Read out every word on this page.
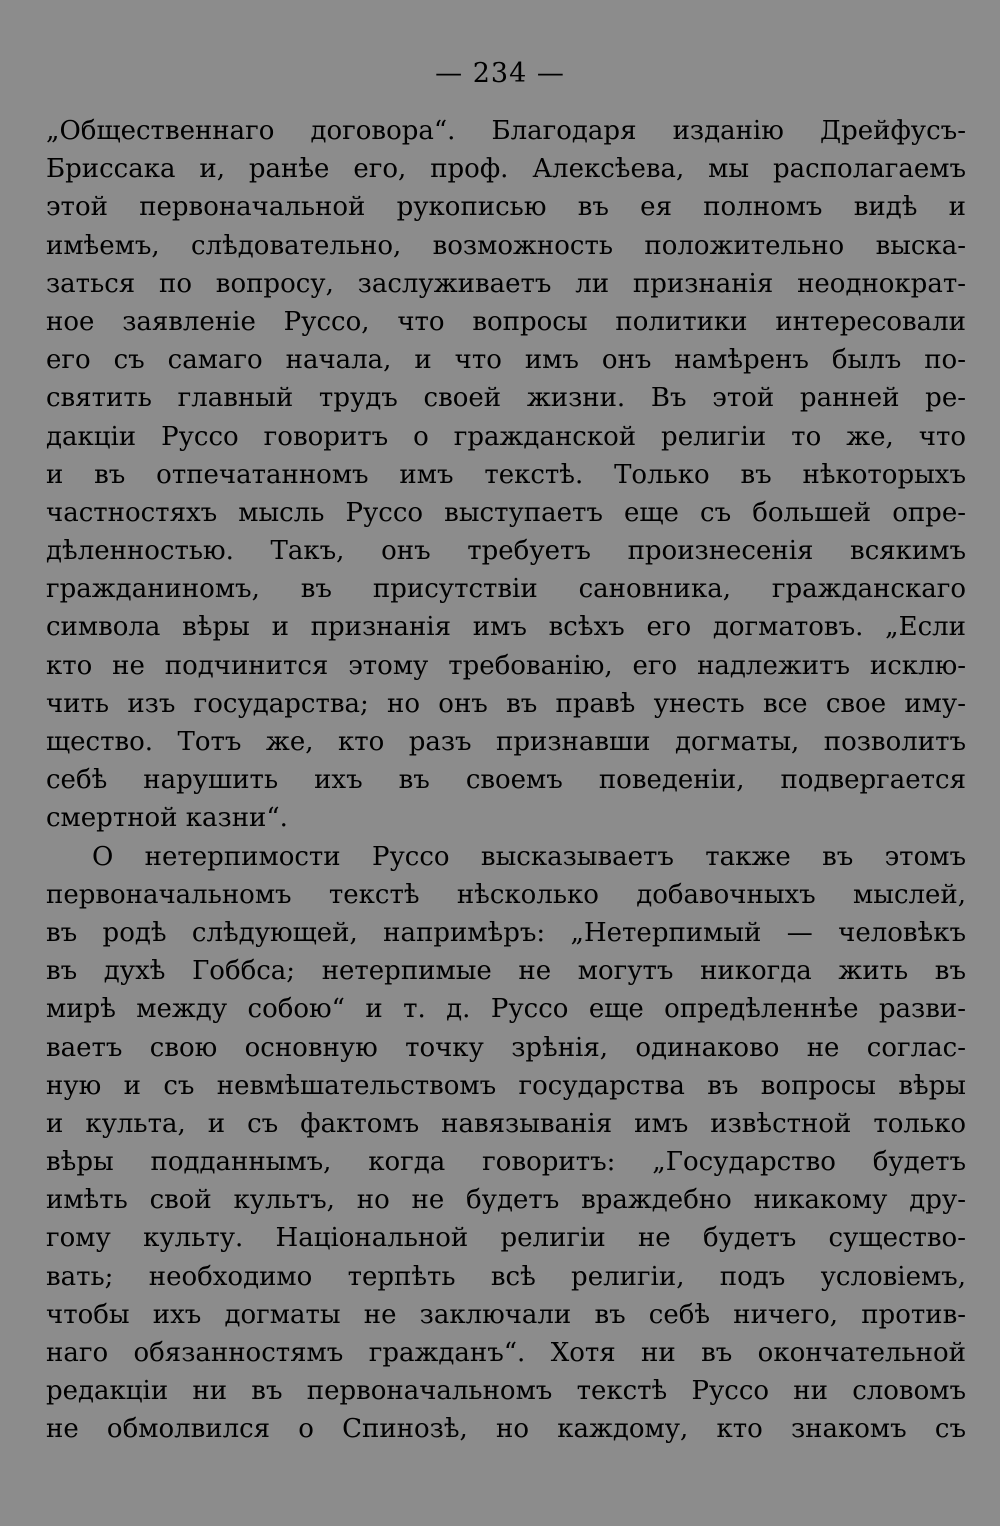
— 234 —
„Общественнаго договора“. Благодаря изданію Дрейфусъ-
Бриссака и, ранѣе его, проф. Алексѣева, мы располагаемъ
этой первоначальной рукописью въ ея полномъ видѣ и
имѣемъ, слѣдовательно, возможность положительно выска-
заться по вопросу, заслуживаетъ ли признанія неоднократ-
ное заявленіе Руссо, что вопросы политики интересовали
его съ самаго начала, и что имъ онъ намѣренъ былъ по-
святить главный трудъ своей жизни. Въ этой ранней ре-
дакціи Руссо говоритъ о гражданской религіи то же, что
и въ отпечатанномъ имъ текстѣ. Только въ нѣкоторыхъ
частностяхъ мысль Руссо выступаетъ еще съ большей опре-
дѣленностью. Такъ, онъ требуетъ произнесенія всякимъ
гражданиномъ, въ присутствіи сановника, гражданскаго
символа вѣры и признанія имъ всѣхъ его догматовъ. „Если
кто не подчинится этому требованію, его надлежитъ исклю-
чить изъ государства; но онъ въ правѣ унесть все свое иму-
щество. Тотъ же, кто разъ признавши догматы, позволитъ
себѣ нарушить ихъ въ своемъ поведеніи, подвергается
смертной казни“.
О нетерпимости Руссо высказываетъ также въ этомъ
первоначальномъ текстѣ нѣсколько добавочныхъ мыслей,
въ родѣ слѣдующей, напримѣръ: „Нетерпимый — человѣкъ
въ духѣ Гоббса; нетерпимые не могутъ никогда жить въ
мирѣ между собою“ и т. д. Руссо еще опредѣленнѣе разви-
ваетъ свою основную точку зрѣнія, одинаково не соглас-
ную и съ невмѣшательствомъ государства въ вопросы вѣры
и культа, и съ фактомъ навязыванія имъ извѣстной только
вѣры подданнымъ, когда говоритъ: „Государство будетъ
имѣть свой культъ, но не будетъ враждебно никакому дру-
гому культу. Національной религіи не будетъ существо-
вать; необходимо терпѣть всѣ религіи, подъ условіемъ,
чтобы ихъ догматы не заключали въ себѣ ничего, против-
наго обязанностямъ гражданъ“. Хотя ни въ окончательной
редакціи ни въ первоначальномъ текстѣ Руссо ни словомъ
не обмолвился о Спинозѣ, но каждому, кто знакомъ съ
